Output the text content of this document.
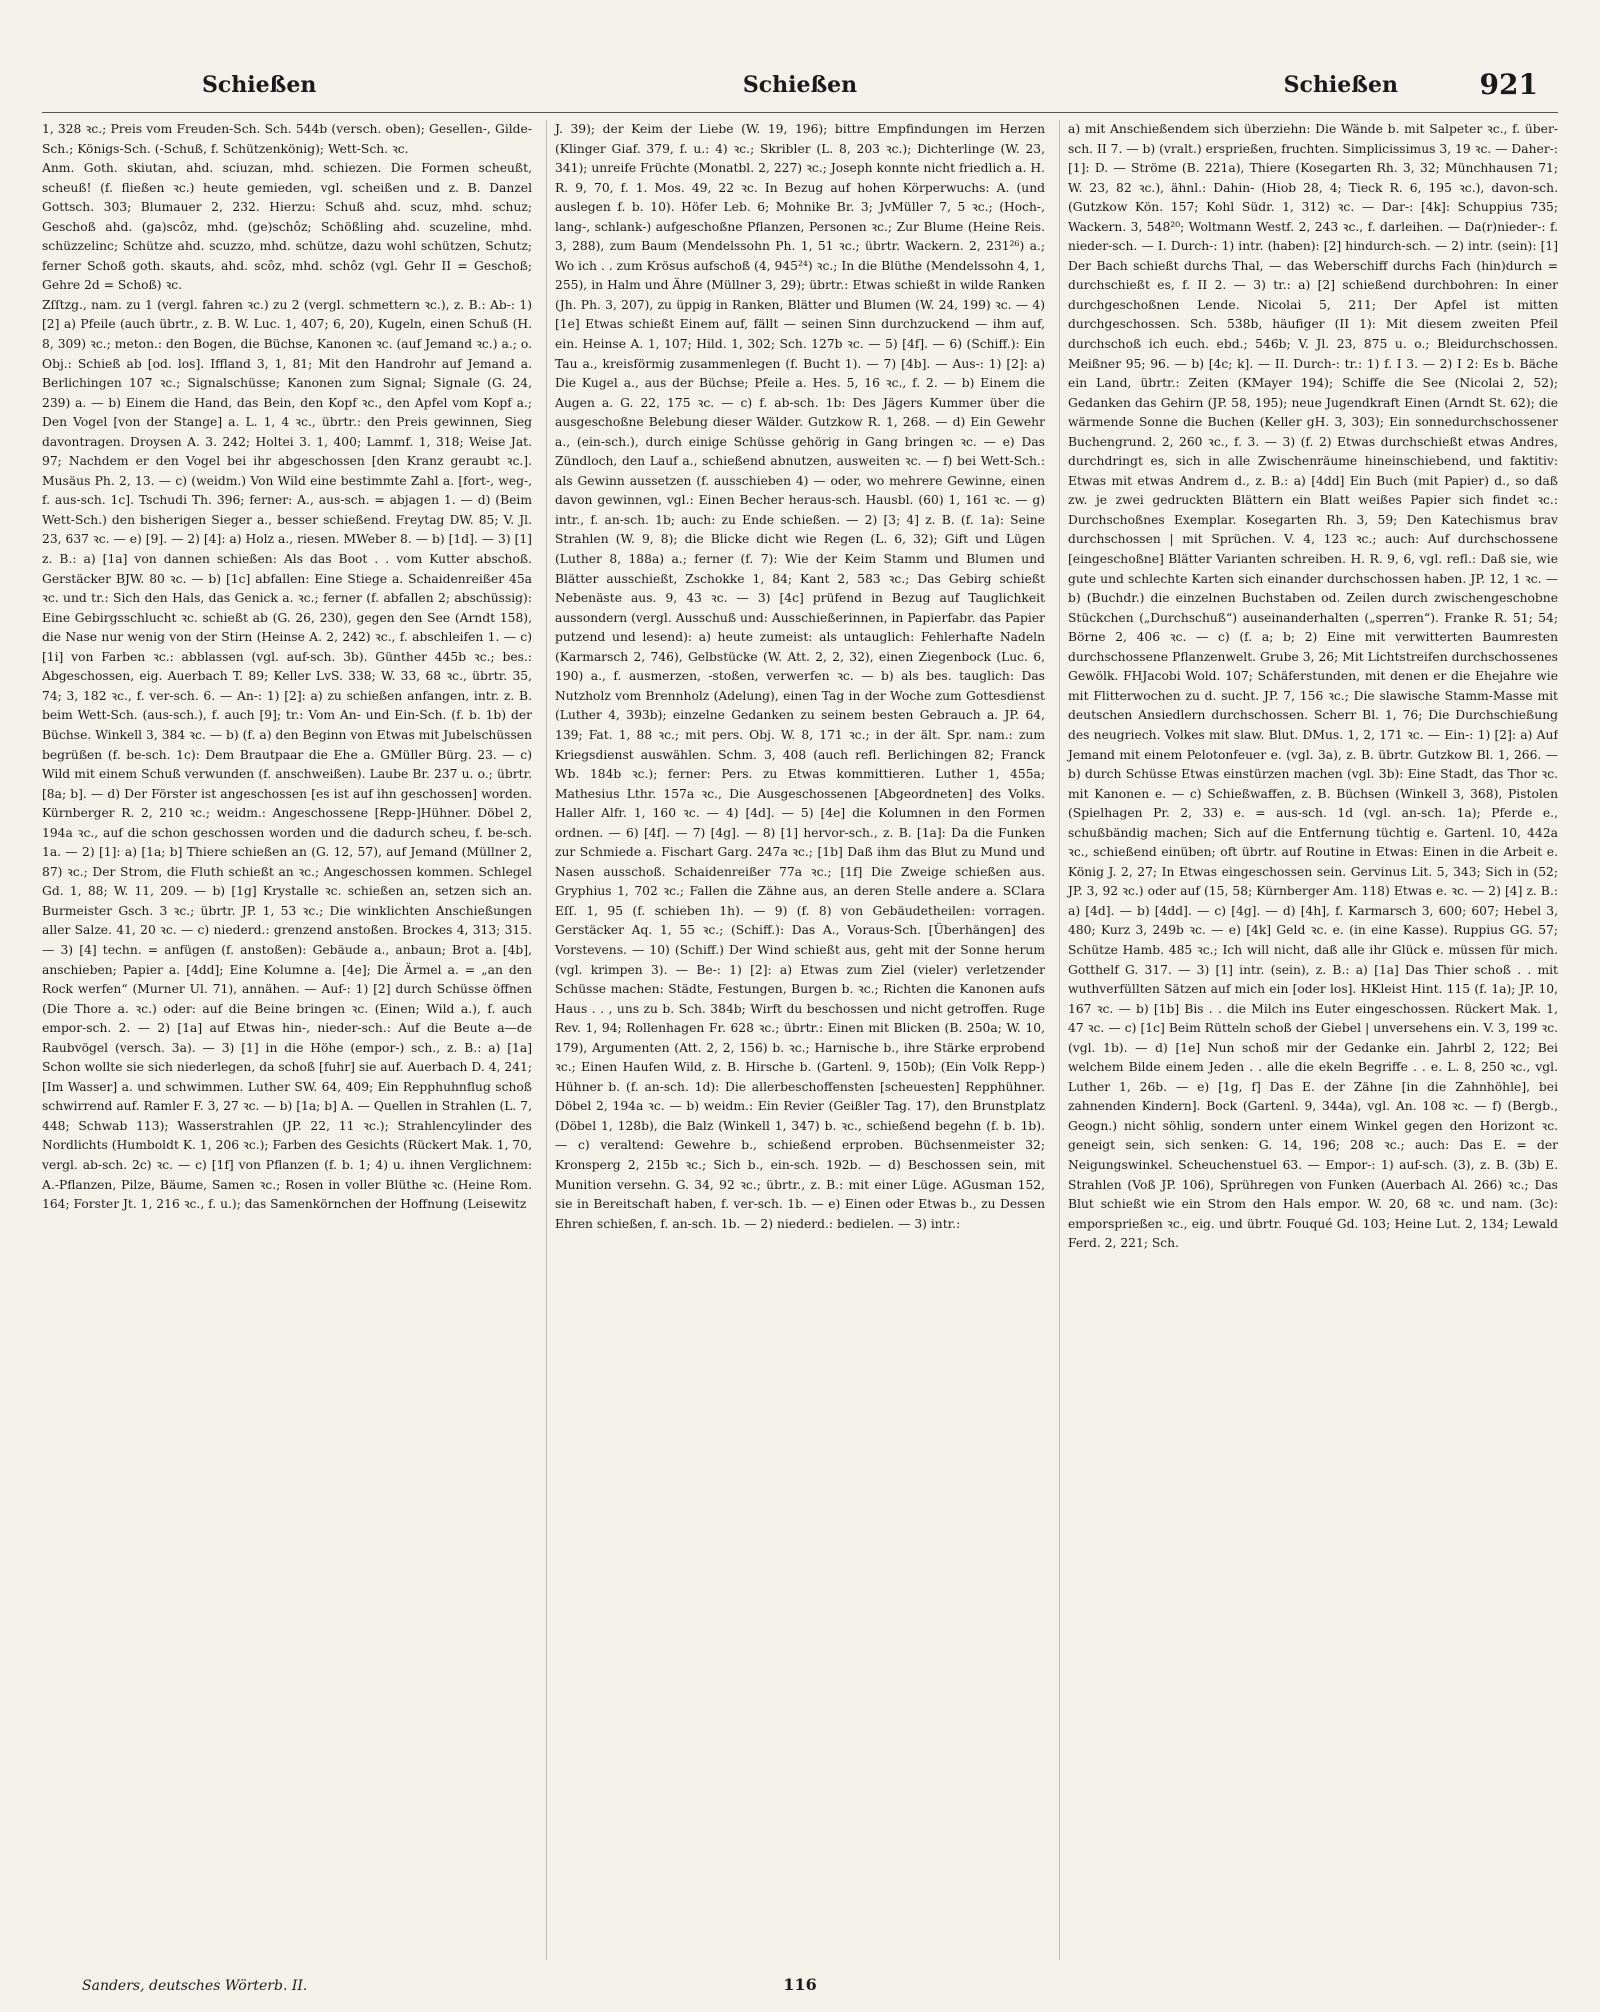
Schießen	Schießen	Schießen	921

1, 328 ꝛc.; Preis vom Freuden-Sch. Sch. 544b (versch. oben); Gesellen-, Gilde-Sch.; Königs-Sch. (-Schuß, f. Schützenkönig); Wett-Sch. ꝛc.

Anm. Goth. skiutan, ahd. sciuzan, mhd. schiezen. Die Formen scheußt, scheuß! (f. fließen ꝛc.) heute gemieden, vgl. scheißen und z. B. Danzel Gottsch. 303; Blumauer 2, 232. Hierzu: Schuß ahd. scuz, mhd. schuz; Geschoß ahd. (ga)scôz, mhd. (ge)schôz; Schößling ahd. scuzeline, mhd. schüzzelinc; Schütze ahd. scuzzo, mhd. schütze, dazu wohl schützen, Schutz; ferner Schoß goth. skauts, ahd. scôz, mhd. schôz (vgl. Gehr II = Geschoß; Gehre 2d = Schoß) ꝛc.

Zſſtzg., nam. zu 1 (vergl. fahren ꝛc.) zu 2 (vergl. schmettern ꝛc.), z. B.: Ab-: 1) [2] a) Pfeile (auch übrtr., z. B. W. Luc. 1, 407; 6, 20), Kugeln, einen Schuß (H. 8, 309) ꝛc.; meton.: den Bogen, die Büchse, Kanonen ꝛc. (auf Jemand ꝛc.) a.; o. Obj.: Schieß ab [od. los]. Iffland 3, 1, 81; Mit den Handrohr auf Jemand a. Berlichingen 107 ꝛc.; Signalschüsse; Kanonen zum Signal; Signale (G. 24, 239) a. — b) Einem die Hand, das Bein, den Kopf ꝛc., den Apfel vom Kopf a.; Den Vogel [von der Stange] a. L. 1, 4 ꝛc., übrtr.: den Preis gewinnen, Sieg davontragen. Droysen A. 3. 242; Holtei 3. 1, 400; Lammf. 1, 318; Weise Jat. 97; Nachdem er den Vogel bei ihr abgeschossen [den Kranz geraubt ꝛc.]. Musäus Ph. 2, 13. — c) (weidm.) Von Wild eine bestimmte Zahl a. [fort-, weg-, f. aus-sch. 1c]. Tschudi Th. 396; ferner: A., aus-sch. = abjagen 1. — d) (Beim Wett-Sch.) den bisherigen Sieger a., besser schießend. Freytag DW. 85; V. Jl. 23, 637 ꝛc. — e) [9]. — 2) [4]: a) Holz a., riesen. MWeber 8. — b) [1d]. — 3) [1] z. B.: a) [1a] von dannen schießen: Als das Boot . . vom Kutter abschoß. Gerstäcker BJW. 80 ꝛc. — b) [1c] abfallen: Eine Stiege a. Schaidenreißer 45a ꝛc. und tr.: Sich den Hals, das Genick a. ꝛc.; ferner (f. abfallen 2; abschüssig): Eine Gebirgsschlucht ꝛc. schießt ab (G. 26, 230), gegen den See (Arndt 158), die Nase nur wenig von der Stirn (Heinse A. 2, 242) ꝛc., f. abschleifen 1. — c) [1i] von Farben ꝛc.: abblassen (vgl. auf-sch. 3b). Günther 445b ꝛc.; bes.: Abgeschossen, eig. Auerbach T. 89; Keller LvS. 338; W. 33, 68 ꝛc., übrtr. 35, 74; 3, 182 ꝛc., f. ver-sch. 6. — An-: 1) [2]: a) zu schießen anfangen, intr. z. B. beim Wett-Sch. (aus-sch.), f. auch [9]; tr.: Vom An- und Ein-Sch. (f. b. 1b) der Büchse. Winkell 3, 384 ꝛc. — b) (f. a) den Beginn von Etwas mit Jubelschüssen begrüßen (f. be-sch. 1c): Dem Brautpaar die Ehe a. GMüller Bürg. 23. — c) Wild mit einem Schuß verwunden (f. anschweißen). Laube Br. 237 u. o.; übrtr. [8a; b]. — d) Der Förster ist angeschossen [es ist auf ihn geschossen] worden. Kürnberger R. 2, 210 ꝛc.; weidm.: Angeschossene [Repp-]Hühner. Döbel 2, 194a ꝛc., auf die schon geschossen worden und die dadurch scheu, f. be-sch. 1a. — 2) [1]: a) [1a; b] Thiere schießen an (G. 12, 57), auf Jemand (Müllner 2, 87) ꝛc.; Der Strom, die Fluth schießt an ꝛc.; Angeschossen kommen. Schlegel Gd. 1, 88; W. 11, 209. — b) [1g] Krystalle ꝛc. schießen an, setzen sich an. Burmeister Gsch. 3 ꝛc.; übrtr. JP. 1, 53 ꝛc.; Die winklichten Anschießungen aller Salze. 41, 20 ꝛc. — c) niederd.: grenzend anstoßen. Brockes 4, 313; 315. — 3) [4] techn. = anfügen (f. anstoßen): Gebäude a., anbaun; Brot a. [4b], anschieben; Papier a. [4dd]; Eine Kolumne a. [4e]; Die Ärmel a. = „an den Rock werfen“ (Murner Ul. 71), annähen. — Auf-: 1) [2] durch Schüsse öffnen (Die Thore a. ꝛc.) oder: auf die Beine bringen ꝛc. (Einen; Wild a.), f. auch empor-sch. 2. — 2) [1a] auf Etwas hin-, nieder-sch.: Auf die Beute a—de Raubvögel (versch. 3a). — 3) [1] in die Höhe (empor-) sch., z. B.: a) [1a] Schon wollte sie sich niederlegen, da schoß [fuhr] sie auf. Auerbach D. 4, 241; [Im Wasser] a. und schwimmen. Luther SW. 64, 409; Ein Repphuhnflug schoß schwirrend auf. Ramler F. 3, 27 ꝛc. — b) [1a; b] A. — Quellen in Strahlen (L. 7, 448; Schwab 113); Wasserstrahlen (JP. 22, 11 ꝛc.); Strahlencylinder des Nordlichts (Humboldt K. 1, 206 ꝛc.); Farben des Gesichts (Rückert Mak. 1, 70, vergl. ab-sch. 2c) ꝛc. — c) [1f] von Pflanzen (f. b. 1; 4) u. ihnen Verglichnem: A.-Pflanzen, Pilze, Bäume, Samen ꝛc.; Rosen in voller Blüthe ꝛc. (Heine Rom. 164; Forster Jt. 1, 216 ꝛc., f. u.); das Samenkörnchen der Hoffnung (Leisewitz

J. 39); der Keim der Liebe (W. 19, 196); bittre Empfindungen im Herzen (Klinger Giaf. 379, f. u.: 4) ꝛc.; Skribler (L. 8, 203 ꝛc.); Dichterlinge (W. 23, 341); unreife Früchte (Monatbl. 2, 227) ꝛc.; Joseph konnte nicht friedlich a. H. R. 9, 70, f. 1. Mos. 49, 22 ꝛc. In Bezug auf hohen Körperwuchs: A. (und auslegen f. b. 10). Höfer Leb. 6; Mohnike Br. 3; JvMüller 7, 5 ꝛc.; (Hoch-, lang-, schlank-) aufgeschoßne Pflanzen, Personen ꝛc.; Zur Blume (Heine Reis. 3, 288), zum Baum (Mendelssohn Ph. 1, 51 ꝛc.; übrtr. Wackern. 2, 231²⁶) a.; Wo ich . . zum Krösus aufschoß (4, 945²⁴) ꝛc.; In die Blüthe (Mendelssohn 4, 1, 255), in Halm und Ähre (Müllner 3, 29); übrtr.: Etwas schießt in wilde Ranken (Jh. Ph. 3, 207), zu üppig in Ranken, Blätter und Blumen (W. 24, 199) ꝛc. — 4) [1e] Etwas schießt Einem auf, fällt — seinen Sinn durchzuckend — ihm auf, ein. Heinse A. 1, 107; Hild. 1, 302; Sch. 127b ꝛc. — 5) [4f]. — 6) (Schiff.): Ein Tau a., kreisförmig zusammenlegen (f. Bucht 1). — 7) [4b]. — Aus-: 1) [2]: a) Die Kugel a., aus der Büchse; Pfeile a. Hes. 5, 16 ꝛc., f. 2. — b) Einem die Augen a. G. 22, 175 ꝛc. — c) f. ab-sch. 1b: Des Jägers Kummer über die ausgeschoßne Belebung dieser Wälder. Gutzkow R. 1, 268. — d) Ein Gewehr a., (ein-sch.), durch einige Schüsse gehörig in Gang bringen ꝛc. — e) Das Zündloch, den Lauf a., schießend abnutzen, ausweiten ꝛc. — f) bei Wett-Sch.: als Gewinn aussetzen (f. ausschieben 4) — oder, wo mehrere Gewinne, einen davon gewinnen, vgl.: Einen Becher heraus-sch. Hausbl. (60) 1, 161 ꝛc. — g) intr., f. an-sch. 1b; auch: zu Ende schießen. — 2) [3; 4] z. B. (f. 1a): Seine Strahlen (W. 9, 8); die Blicke dicht wie Regen (L. 6, 32); Gift und Lügen (Luther 8, 188a) a.; ferner (f. 7): Wie der Keim Stamm und Blumen und Blätter ausschießt, Zschokke 1, 84; Kant 2, 583 ꝛc.; Das Gebirg schießt Nebenäste aus. 9, 43 ꝛc. — 3) [4c] prüfend in Bezug auf Tauglichkeit aussondern (vergl. Ausschuß und: Ausschießerinnen, in Papierfabr. das Papier putzend und lesend): a) heute zumeist: als untauglich: Fehlerhafte Nadeln (Karmarsch 2, 746), Gelbstücke (W. Att. 2, 2, 32), einen Ziegenbock (Luc. 6, 190) a., f. ausmerzen, -stoßen, verwerfen ꝛc. — b) als bes. tauglich: Das Nutzholz vom Brennholz (Adelung), einen Tag in der Woche zum Gottesdienst (Luther 4, 393b); einzelne Gedanken zu seinem besten Gebrauch a. JP. 64, 139; Fat. 1, 88 ꝛc.; mit pers. Obj. W. 8, 171 ꝛc.; in der ält. Spr. nam.: zum Kriegsdienst auswählen. Schm. 3, 408 (auch refl. Berlichingen 82; Franck Wb. 184b ꝛc.); ferner: Pers. zu Etwas kommittieren. Luther 1, 455a; Mathesius Lthr. 157a ꝛc., Die Ausgeschossenen [Abgeordneten] des Volks. Haller Alfr. 1, 160 ꝛc. — 4) [4d]. — 5) [4e] die Kolumnen in den Formen ordnen. — 6) [4f]. — 7) [4g]. — 8) [1] hervor-sch., z. B. [1a]: Da die Funken zur Schmiede a. Fischart Garg. 247a ꝛc.; [1b] Daß ihm das Blut zu Mund und Nasen ausschoß. Schaidenreißer 77a ꝛc.; [1f] Die Zweige schießen aus. Gryphius 1, 702 ꝛc.; Fallen die Zähne aus, an deren Stelle andere a. SClara Eſſ. 1, 95 (f. schieben 1h). — 9) (f. 8) von Gebäudetheilen: vorragen. Gerstäcker Aq. 1, 55 ꝛc.; (Schiff.): Das A., Voraus-Sch. [Überhängen] des Vorstevens. — 10) (Schiff.) Der Wind schießt aus, geht mit der Sonne herum (vgl. krimpen 3). — Be-: 1) [2]: a) Etwas zum Ziel (vieler) verletzender Schüsse machen: Städte, Festungen, Burgen b. ꝛc.; Richten die Kanonen aufs Haus . . , uns zu b. Sch. 384b; Wirft du beschossen und nicht getroffen. Ruge Rev. 1, 94; Rollenhagen Fr. 628 ꝛc.; übrtr.: Einen mit Blicken (B. 250a; W. 10, 179), Argumenten (Att. 2, 2, 156) b. ꝛc.; Harnische b., ihre Stärke erprobend ꝛc.; Einen Haufen Wild, z. B. Hirsche b. (Gartenl. 9, 150b); (Ein Volk Repp-) Hühner b. (f. an-sch. 1d): Die allerbeschoffensten [scheuesten] Repphühner. Döbel 2, 194a ꝛc. — b) weidm.: Ein Revier (Geißler Tag. 17), den Brunstplatz (Döbel 1, 128b), die Balz (Winkell 1, 347) b. ꝛc., schießend begehn (f. b. 1b). — c) veraltend: Gewehre b., schießend erproben. Büchsenmeister 32; Kronsperg 2, 215b ꝛc.; Sich b., ein-sch. 192b. — d) Beschossen sein, mit Munition versehn. G. 34, 92 ꝛc.; übrtr., z. B.: mit einer Lüge. AGusman 152, sie in Bereitschaft haben, f. ver-sch. 1b. — e) Einen oder Etwas b., zu Dessen Ehren schießen, f. an-sch. 1b. — 2) niederd.: bedielen. — 3) intr.:

a) mit Anschießendem sich überziehn: Die Wände b. mit Salpeter ꝛc., f. über-sch. II 7. — b) (vralt.) ersprießen, fruchten. Simplicissimus 3, 19 ꝛc. — Daher-: [1]: D. — Ströme (B. 221a), Thiere (Kosegarten Rh. 3, 32; Münchhausen 71; W. 23, 82 ꝛc.), ähnl.: Dahin- (Hiob 28, 4; Tieck R. 6, 195 ꝛc.), davon-sch. (Gutzkow Kön. 157; Kohl Südr. 1, 312) ꝛc. — Dar-: [4k]: Schuppius 735; Wackern. 3, 548²⁰; Woltmann Westf. 2, 243 ꝛc., f. darleihen. — Da(r)nieder-: f. nieder-sch. — I. Durch-: 1) intr. (haben): [2] hindurch-sch. — 2) intr. (sein): [1] Der Bach schießt durchs Thal, — das Weberschiff durchs Fach (hin)durch = durchschießt es, f. II 2. — 3) tr.: a) [2] schießend durchbohren: In einer durchgeschoßnen Lende. Nicolai 5, 211; Der Apfel ist mitten durchgeschossen. Sch. 538b, häufiger (II 1): Mit diesem zweiten Pfeil durchschoß ich euch. ebd.; 546b; V. Jl. 23, 875 u. o.; Bleidurchschossen. Meißner 95; 96. — b) [4c; k]. — II. Durch-: tr.: 1) f. I 3. — 2) I 2: Es b. Bäche ein Land, übrtr.: Zeiten (KMayer 194); Schiffe die See (Nicolai 2, 52); Gedanken das Gehirn (JP. 58, 195); neue Jugendkraft Einen (Arndt St. 62); die wärmende Sonne die Buchen (Keller gH. 3, 303); Ein sonnedurchschossener Buchengrund. 2, 260 ꝛc., f. 3. — 3) (f. 2) Etwas durchschießt etwas Andres, durchdringt es, sich in alle Zwischenräume hineinschiebend, und faktitiv: Etwas mit etwas Andrem d., z. B.: a) [4dd] Ein Buch (mit Papier) d., so daß zw. je zwei gedruckten Blättern ein Blatt weißes Papier sich findet ꝛc.: Durchschoßnes Exemplar. Kosegarten Rh. 3, 59; Den Katechismus brav durchschossen | mit Sprüchen. V. 4, 123 ꝛc.; auch: Auf durchschossene [eingeschoßne] Blätter Varianten schreiben. H. R. 9, 6, vgl. refl.: Daß sie, wie gute und schlechte Karten sich einander durchschossen haben. JP. 12, 1 ꝛc. — b) (Buchdr.) die einzelnen Buchstaben od. Zeilen durch zwischengeschobne Stückchen („Durchschuß“) auseinanderhalten („sperren“). Franke R. 51; 54; Börne 2, 406 ꝛc. — c) (f. a; b; 2) Eine mit verwitterten Baumresten durchschossene Pflanzenwelt. Grube 3, 26; Mit Lichtstreifen durchschossenes Gewölk. FHJacobi Wold. 107; Schäferstunden, mit denen er die Ehejahre wie mit Flitterwochen zu d. sucht. JP. 7, 156 ꝛc.; Die slawische Stamm-Masse mit deutschen Ansiedlern durchschossen. Scherr Bl. 1, 76; Die Durchschießung des neugriech. Volkes mit slaw. Blut. DMus. 1, 2, 171 ꝛc. — Ein-: 1) [2]: a) Auf Jemand mit einem Pelotonfeuer e. (vgl. 3a), z. B. übrtr. Gutzkow Bl. 1, 266. — b) durch Schüsse Etwas einstürzen machen (vgl. 3b): Eine Stadt, das Thor ꝛc. mit Kanonen e. — c) Schießwaffen, z. B. Büchsen (Winkell 3, 368), Pistolen (Spielhagen Pr. 2, 33) e. = aus-sch. 1d (vgl. an-sch. 1a); Pferde e., schußbändig machen; Sich auf die Entfernung tüchtig e. Gartenl. 10, 442a ꝛc., schießend einüben; oft übrtr. auf Routine in Etwas: Einen in die Arbeit e. König J. 2, 27; In Etwas eingeschossen sein. Gervinus Lit. 5, 343; Sich in (52; JP. 3, 92 ꝛc.) oder auf (15, 58; Kürnberger Am. 118) Etwas e. ꝛc. — 2) [4] z. B.: a) [4d]. — b) [4dd]. — c) [4g]. — d) [4h], f. Karmarsch 3, 600; 607; Hebel 3, 480; Kurz 3, 249b ꝛc. — e) [4k] Geld ꝛc. e. (in eine Kasse). Ruppius GG. 57; Schütze Hamb. 485 ꝛc.; Ich will nicht, daß alle ihr Glück e. müssen für mich. Gotthelf G. 317. — 3) [1] intr. (sein), z. B.: a) [1a] Das Thier schoß . . mit wuthverfüllten Sätzen auf mich ein [oder los]. HKleist Hint. 115 (f. 1a); JP. 10, 167 ꝛc. — b) [1b] Bis . . die Milch ins Euter eingeschossen. Rückert Mak. 1, 47 ꝛc. — c) [1c] Beim Rütteln schoß der Giebel | unversehens ein. V. 3, 199 ꝛc. (vgl. 1b). — d) [1e] Nun schoß mir der Gedanke ein. Jahrbl 2, 122; Bei welchem Bilde einem Jeden . . alle die ekeln Begriffe . . e. L. 8, 250 ꝛc., vgl. Luther 1, 26b. — e) [1g, f] Das E. der Zähne [in die Zahnhöhle], bei zahnenden Kindern]. Bock (Gartenl. 9, 344a), vgl. An. 108 ꝛc. — f) (Bergb., Geogn.) nicht söhlig, sondern unter einem Winkel gegen den Horizont ꝛc. geneigt sein, sich senken: G. 14, 196; 208 ꝛc.; auch: Das E. = der Neigungswinkel. Scheuchenstuel 63. — Empor-: 1) auf-sch. (3), z. B. (3b) E. Strahlen (Voß JP. 106), Sprühregen von Funken (Auerbach Al. 266) ꝛc.; Das Blut schießt wie ein Strom den Hals empor. W. 20, 68 ꝛc. und nam. (3c): emporsprießen ꝛc., eig. und übrtr. Fouqué Gd. 103; Heine Lut. 2, 134; Lewald Ferd. 2, 221; Sch.

Sanders, deutsches Wörterb. II.	116
